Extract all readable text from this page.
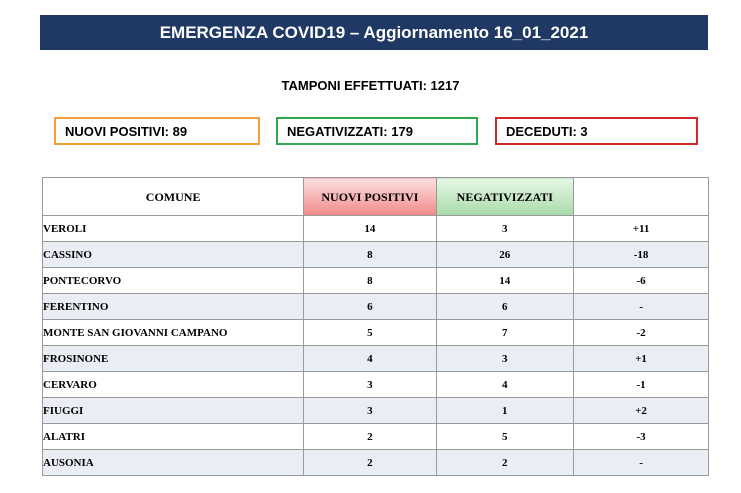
EMERGENZA COVID19 – Aggiornamento 16_01_2021
TAMPONI EFFETTUATI: 1217
NUOVI POSITIVI: 89	NEGATIVIZZATI: 179	DECEDUTI: 3
COMUNE	NUOVI POSITIVI	NEGATIVIZZATI	
VEROLI	14	3	+11
CASSINO	8	26	-18
PONTECORVO	8	14	-6
FERENTINO	6	6	-
MONTE SAN GIOVANNI CAMPANO	5	7	-2
FROSINONE	4	3	+1
CERVARO	3	4	-1
FIUGGI	3	1	+2
ALATRI	2	5	-3
AUSONIA	2	2	-
